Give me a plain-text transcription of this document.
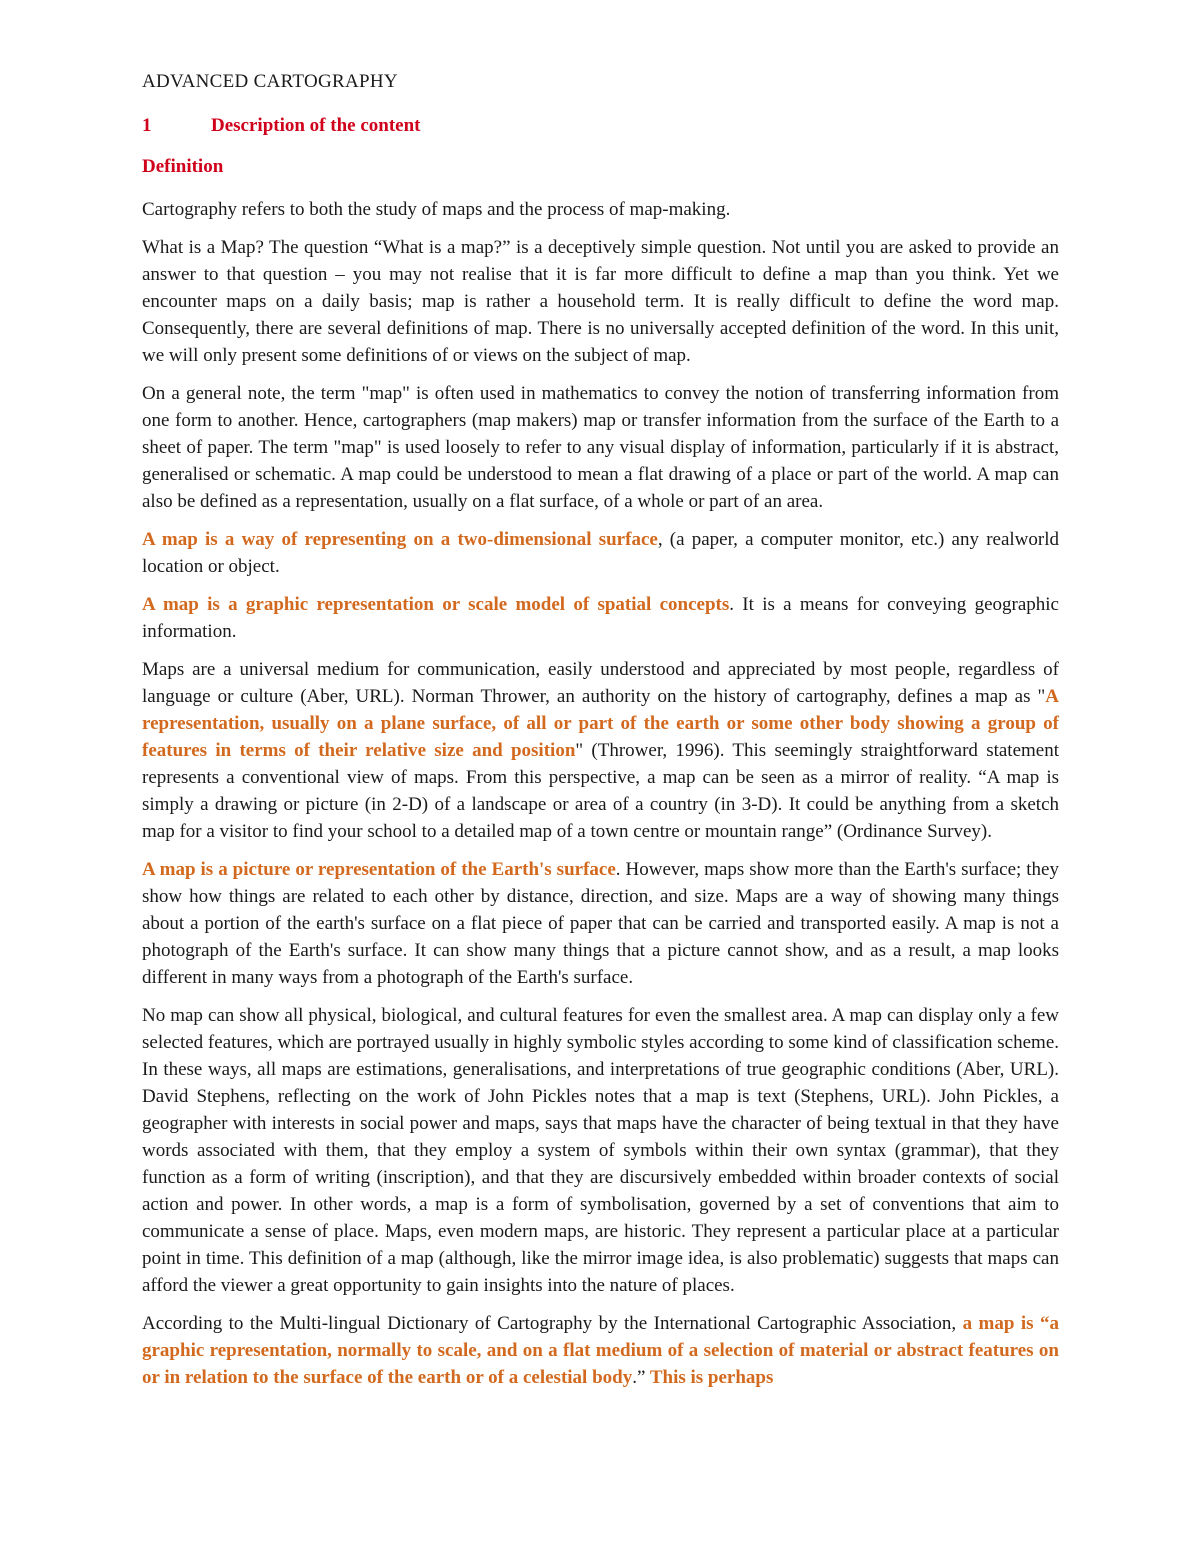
ADVANCED CARTOGRAPHY
1	Description of the content
Definition

Cartography refers to both the study of maps and the process of map-making.

What is a Map? The question “What is a map?” is a deceptively simple question. Not until you are asked to provide an answer to that question – you may not realise that it is far more difficult to define a map than you think. Yet we encounter maps on a daily basis; map is rather a household term. It is really difficult to define the word map. Consequently, there are several definitions of map. There is no universally accepted definition of the word. In this unit, we will only present some definitions of or views on the subject of map.

On a general note, the term "map" is often used in mathematics to convey the notion of transferring information from one form to another. Hence, cartographers (map makers) map or transfer information from the surface of the Earth to a sheet of paper. The term "map" is used loosely to refer to any visual display of information, particularly if it is abstract, generalised or schematic. A map could be understood to mean a flat drawing of a place or part of the world. A map can also be defined as a representation, usually on a flat surface, of a whole or part of an area.

A map is a way of representing on a two-dimensional surface, (a paper, a computer monitor, etc.) any realworld location or object.

A map is a graphic representation or scale model of spatial concepts. It is a means for conveying geographic information.

Maps are a universal medium for communication, easily understood and appreciated by most people, regardless of language or culture (Aber, URL). Norman Thrower, an authority on the history of cartography, defines a map as "A representation, usually on a plane surface, of all or part of the earth or some other body showing a group of features in terms of their relative size and position" (Thrower, 1996). This seemingly straightforward statement represents a conventional view of maps. From this perspective, a map can be seen as a mirror of reality. “A map is simply a drawing or picture (in 2-D) of a landscape or area of a country (in 3-D). It could be anything from a sketch map for a visitor to find your school to a detailed map of a town centre or mountain range” (Ordinance Survey).

A map is a picture or representation of the Earth's surface. However, maps show more than the Earth's surface; they show how things are related to each other by distance, direction, and size. Maps are a way of showing many things about a portion of the earth's surface on a flat piece of paper that can be carried and transported easily. A map is not a photograph of the Earth's surface. It can show many things that a picture cannot show, and as a result, a map looks different in many ways from a photograph of the Earth's surface.

No map can show all physical, biological, and cultural features for even the smallest area. A map can display only a few selected features, which are portrayed usually in highly symbolic styles according to some kind of classification scheme. In these ways, all maps are estimations, generalisations, and interpretations of true geographic conditions (Aber, URL). David Stephens, reflecting on the work of John Pickles notes that a map is text (Stephens, URL). John Pickles, a geographer with interests in social power and maps, says that maps have the character of being textual in that they have words associated with them, that they employ a system of symbols within their own syntax (grammar), that they function as a form of writing (inscription), and that they are discursively embedded within broader contexts of social action and power. In other words, a map is a form of symbolisation, governed by a set of conventions that aim to communicate a sense of place. Maps, even modern maps, are historic. They represent a particular place at a particular point in time. This definition of a map (although, like the mirror image idea, is also problematic) suggests that maps can afford the viewer a great opportunity to gain insights into the nature of places.

According to the Multi-lingual Dictionary of Cartography by the International Cartographic Association, a map is “a graphic representation, normally to scale, and on a flat medium of a selection of material or abstract features on or in relation to the surface of the earth or of a celestial body.” This is perhaps
